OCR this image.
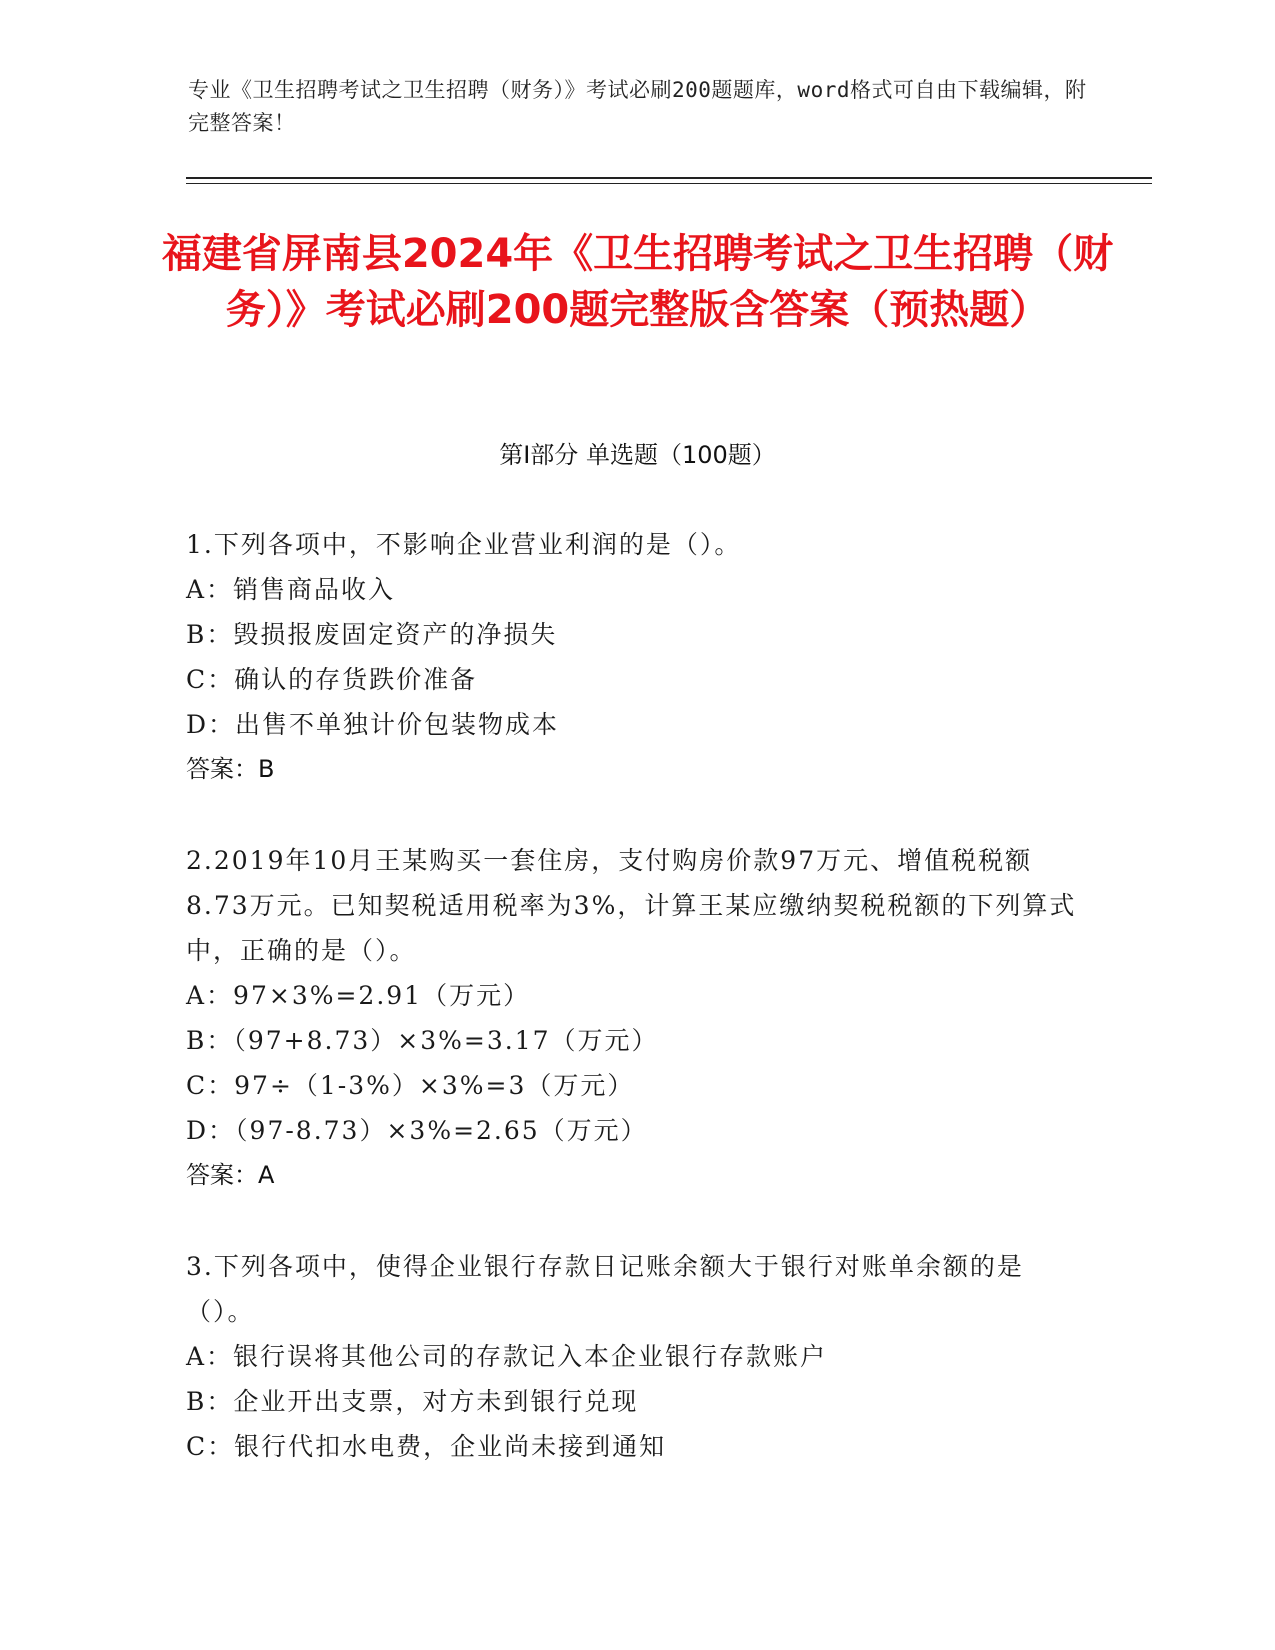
专业《卫生招聘考试之卫生招聘（财务）》考试必刷200题题库，word格式可自由下载编辑，附完整答案！
福建省屏南县2024年《卫生招聘考试之卫生招聘（财务）》考试必刷200题完整版含答案（预热题）
第Ⅰ部分 单选题（100题）
1.下列各项中，不影响企业营业利润的是（）。
A：销售商品收入
B：毁损报废固定资产的净损失
C：确认的存货跌价准备
D：出售不单独计价包装物成本
答案：B
2.2019年10月王某购买一套住房，支付购房价款97万元、增值税税额8.73万元。已知契税适用税率为3%，计算王某应缴纳契税税额的下列算式中，正确的是（）。
A：97×3%=2.91（万元）
B：（97+8.73）×3%=3.17（万元）
C：97÷（1-3%）×3%=3（万元）
D：（97-8.73）×3%=2.65（万元）
答案：A
3.下列各项中，使得企业银行存款日记账余额大于银行对账单余额的是（）。
A：银行误将其他公司的存款记入本企业银行存款账户
B：企业开出支票，对方未到银行兑现
C：银行代扣水电费，企业尚未接到通知
